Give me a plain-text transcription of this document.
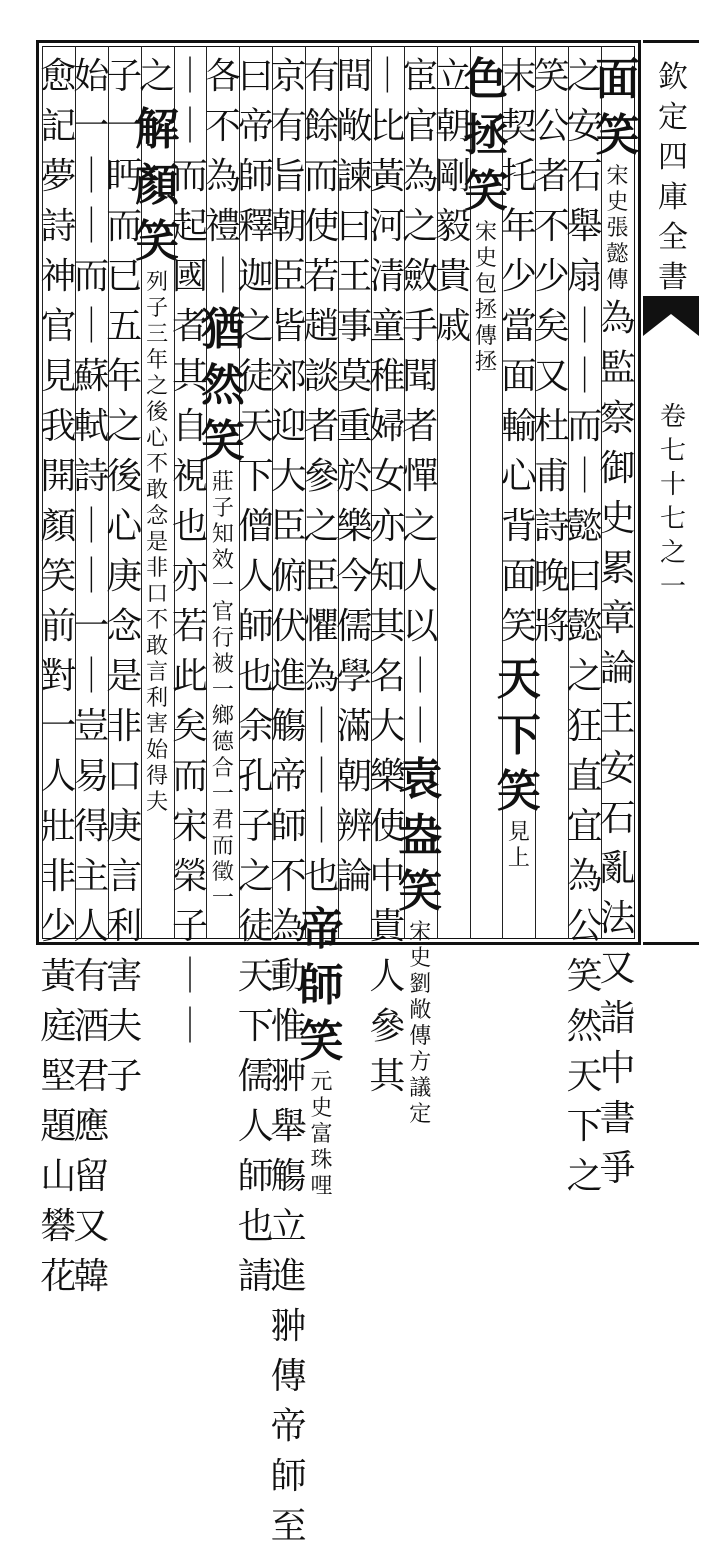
欽
定
四
庫
全
書
卷
七
十
七
之
一
面
笑
宋
史
張
懿
傳
為
監
察
御
史
累
章
論
王
安
石
亂
法
又
詣
中
書
爭
之
安
石
舉
扇
｜
｜
而
｜
懿
曰
懿
之
狂
直
宜
為
公
笑
然
天
下
之
笑
公
者
不
少
矣
又
杜
甫
詩
晚
將
末
契
托
年
少
當
面
輸
心
背
面
笑
天
下
笑
見
上
色
拯
笑
宋
史
包
拯
傳
拯
立
朝
剛
毅
貴
戚
宦
官
為
之
斂
手
聞
者
憚
之
人
以
｜
｜
袁
盎
笑
宋
史
劉
敞
傳
方
議
定
｜
比
黃
河
清
童
稚
婦
女
亦
知
其
名
大
樂
使
中
貴
人
參
其
間
敞
諫
曰
王
事
莫
重
於
樂
今
儒
學
滿
朝
辨
論
有
餘
而
使
若
趙
談
者
參
之
臣
懼
為
｜
｜
｜
也
帝
師
笑
元
史
富
珠
哩
京
有
旨
朝
臣
皆
郊
迎
大
臣
俯
伏
進
觴
帝
師
不
為
動
惟
翀
舉
觴
立
進
翀
傳
帝
師
至
曰
帝
師
釋
迦
之
徒
天
下
僧
人
師
也
余
孔
子
之
徒
天
下
儒
人
師
也
請
各
不
為
禮
｜
猶
然
笑
莊
子
知
效
一
官
行
被
一
鄉
德
合
一
君
而
徵
一
｜
｜
而
起
國
者
其
自
視
也
亦
若
此
矣
而
宋
榮
子
｜
｜
之
解
顏
笑
列
子
三
年
之
後
心
不
敢
念
是
非
口
不
敢
言
利
害
始
得
夫
子
一
眄
而
已
五
年
之
後
心
庚
念
是
非
口
庚
言
利
害
夫
子
始
一
｜
｜
而
｜
蘇
軾
詩
｜
｜
一
｜
豈
易
得
主
人
有
酒
君
應
留
又
韓
愈
記
夢
詩
神
官
見
我
開
顏
笑
前
對
一
人
壯
非
少
黃
庭
堅
題
山
礬
花
